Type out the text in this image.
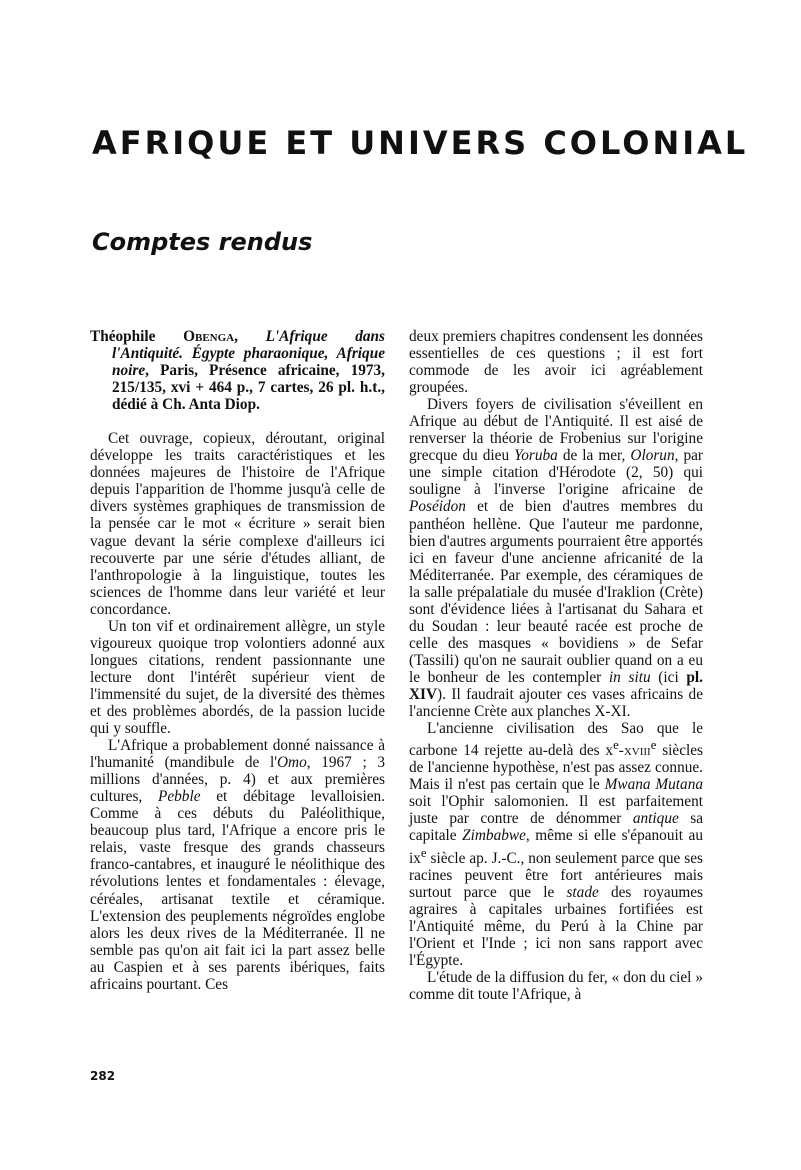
AFRIQUE ET UNIVERS COLONIAL
Comptes rendus

Théophile Obenga, L'Afrique dans l'Antiquité. Égypte pharaonique, Afrique noire, Paris, Présence africaine, 1973, 215/135, xvi + 464 p., 7 cartes, 26 pl. h.t., dédié à Ch. Anta Diop.

Cet ouvrage, copieux, déroutant, original développe les traits caractéristiques et les données majeures de l'histoire de l'Afrique depuis l'apparition de l'homme jusqu'à celle de divers systèmes graphiques de transmission de la pensée car le mot « écriture » serait bien vague devant la série complexe d'ailleurs ici recouverte par une série d'études alliant, de l'anthropologie à la linguistique, toutes les sciences de l'homme dans leur variété et leur concordance.

Un ton vif et ordinairement allègre, un style vigoureux quoique trop volontiers adonné aux longues citations, rendent passionnante une lecture dont l'intérêt supérieur vient de l'immensité du sujet, de la diversité des thèmes et des problèmes abordés, de la passion lucide qui y souffle.

L'Afrique a probablement donné naissance à l'humanité (mandibule de l'Omo, 1967 ; 3 millions d'années, p. 4) et aux premières cultures, Pebble et débitage levalloisien. Comme à ces débuts du Paléolithique, beaucoup plus tard, l'Afrique a encore pris le relais, vaste fresque des grands chasseurs franco-cantabres, et inauguré le néolithique des révolutions lentes et fondamentales : élevage, céréales, artisanat textile et céramique. L'extension des peuplements négroïdes englobe alors les deux rives de la Méditerranée. Il ne semble pas qu'on ait fait ici la part assez belle au Caspien et à ses parents ibériques, faits africains pourtant. Ces

deux premiers chapitres condensent les données essentielles de ces questions ; il est fort commode de les avoir ici agréablement groupées.

Divers foyers de civilisation s'éveillent en Afrique au début de l'Antiquité. Il est aisé de renverser la théorie de Frobenius sur l'origine grecque du dieu Yoruba de la mer, Olorun, par une simple citation d'Hérodote (2, 50) qui souligne à l'inverse l'origine africaine de Poséidon et de bien d'autres membres du panthéon hellène. Que l'auteur me pardonne, bien d'autres arguments pourraient être apportés ici en faveur d'une ancienne africanité de la Méditerranée. Par exemple, des céramiques de la salle prépalatiale du musée d'Iraklion (Crète) sont d'évidence liées à l'artisanat du Sahara et du Soudan : leur beauté racée est proche de celle des masques « bovidiens » de Sefar (Tassili) qu'on ne saurait oublier quand on a eu le bonheur de les contempler in situ (ici pl. XIV). Il faudrait ajouter ces vases africains de l'ancienne Crète aux planches X-XI.

L'ancienne civilisation des Sao que le carbone 14 rejette au-delà des $x^e-xviii^e$ siècles de l'ancienne hypothèse, n'est pas assez connue. Mais il n'est pas certain que le Mwana Mutana soit l'Ophir salomonien. Il est parfaitement juste par contre de dénommer antique sa capitale Zimbabwe, même si elle s'épanouit au $ix^e$ siècle ap. J.-C., non seulement parce que ses racines peuvent être fort antérieures mais surtout parce que le stade des royaumes agraires à capitales urbaines fortifiées est l'Antiquité même, du Perú à la Chine par l'Orient et l'Inde ; ici non sans rapport avec l'Égypte.

L'étude de la diffusion du fer, « don du ciel » comme dit toute l'Afrique, à

282
